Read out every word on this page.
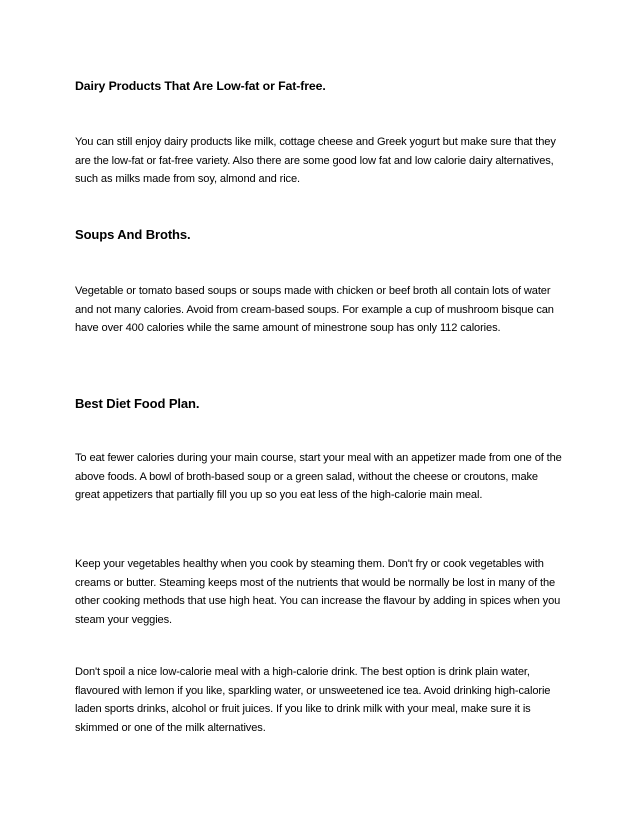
Dairy Products That Are Low-fat or Fat-free.
You can still enjoy dairy products like milk, cottage cheese and Greek yogurt but make sure that they are the low-fat or fat-free variety. Also there are some good low fat and low calorie dairy alternatives, such as milks made from soy, almond and rice.
Soups And Broths.
Vegetable or tomato based soups or soups made with chicken or beef broth all contain lots of water and not many calories. Avoid from cream-based soups. For example a cup of mushroom bisque can have over 400 calories while the same amount of minestrone soup has only 112 calories.
Best Diet Food Plan.
To eat fewer calories during your main course, start your meal with an appetizer made from one of the above foods. A bowl of broth-based soup or a green salad, without the cheese or croutons, make great appetizers that partially fill you up so you eat less of the high-calorie main meal.
Keep your vegetables healthy when you cook by steaming them. Don't fry or cook vegetables with creams or butter. Steaming keeps most of the nutrients that would be normally be lost in many of the other cooking methods that use high heat. You can increase the flavour by adding in spices when you steam your veggies.
Don't spoil a nice low-calorie meal with a high-calorie drink. The best option is drink plain water, flavoured with lemon if you like, sparkling water, or unsweetened ice tea. Avoid drinking high-calorie laden sports drinks, alcohol or fruit juices. If you like to drink milk with your meal, make sure it is skimmed or one of the milk alternatives.
